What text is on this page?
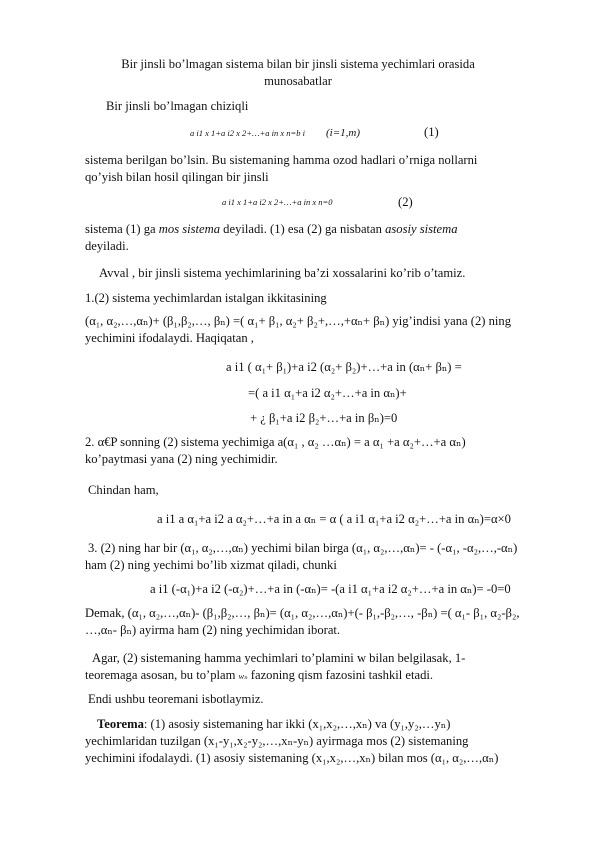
Bir jinsli bo’lmagan sistema bilan bir jinsli sistema yechimlari orasida
munosabatlar
Bir jinsli bo’lmagan chiziqli
a i1 x 1+a i2 x 2+…+a in x n=b i (i=1,m)	(1)
sistema berilgan bo’lsin. Bu sistemaning hamma ozod hadlari o’rniga nollarni
qo’yish bilan hosil qilingan bir jinsli
a i1 x 1+a i2 x 2+…+a in x n=0	(2)
sistema (1) ga mos sistema deyiladi. (1) esa (2) ga nisbatan asosiy sistema
deyiladi.
Avval , bir jinsli sistema yechimlarining ba’zi xossalarini ko’rib o’tamiz.
1.(2) sistema yechimlardan istalgan ikkitasining
(α₁, α₂,…,αₙ)+ (β₁,β₂,…, βₙ) =( α₁+ β₁, α₂+ β₂+,…,+αₙ+ βₙ) yig’indisi yana (2) ning
yechimini ifodalaydi. Haqiqatan ,
a i1 ( α₁+ β₁)+a i2 (α₂+ β₂)+…+a in (αₙ+ βₙ) =
=( a i1 α₁+a i2 α₂+…+a in αₙ)+
+ ¿ β₁+a i2 β₂+…+a in βₙ)=0
2. α€P sonning (2) sistema yechimiga a(α₁ , α₂ …αₙ) = a α₁ +a α₂+…+a αₙ)
ko’paytmasi yana (2) ning yechimidir.
Chindan ham,
a i1 a α₁+a i2 a α₂+…+a in a αₙ = α ( a i1 α₁+a i2 α₂+…+a in αₙ)=α×0
3. (2) ning har bir (α₁, α₂,…,αₙ) yechimi bilan birga (α₁, α₂,…,αₙ)= - (-α₁, -α₂,…,-αₙ)
ham (2) ning yechimi bo’lib xizmat qiladi, chunki
a i1 (-α₁)+a i2 (-α₂)+…+a in (-αₙ)= -(a i1 α₁+a i2 α₂+…+a in αₙ)= -0=0
Demak, (α₁, α₂,…,αₙ)- (β₁,β₂,…, βₙ)= (α₁, α₂,…,αₙ)+(- β₁,-β₂,…, -βₙ) =( α₁- β₁, α₂-β₂,
…,αₙ- βₙ) ayirma ham (2) ning yechimidan iborat.
Agar, (2) sistemaning hamma yechimlari to’plamini w bilan belgilasak, 1-
teoremaga asosan, bu to’plam wₙ fazoning qism fazosini tashkil etadi.
Endi ushbu teoremani isbotlaymiz.
Teorema: (1) asosiy sistemaning har ikki (x₁,x₂,…,xₙ) va (y₁,y₂,…yₙ)
yechimlaridan tuzilgan (x₁-y₁,x₂-y₂,…,xₙ-yₙ) ayirmaga mos (2) sistemaning
yechimini ifodalaydi. (1) asosiy sistemaning (x₁,x₂,…,xₙ) bilan mos (α₁, α₂,…,αₙ)
